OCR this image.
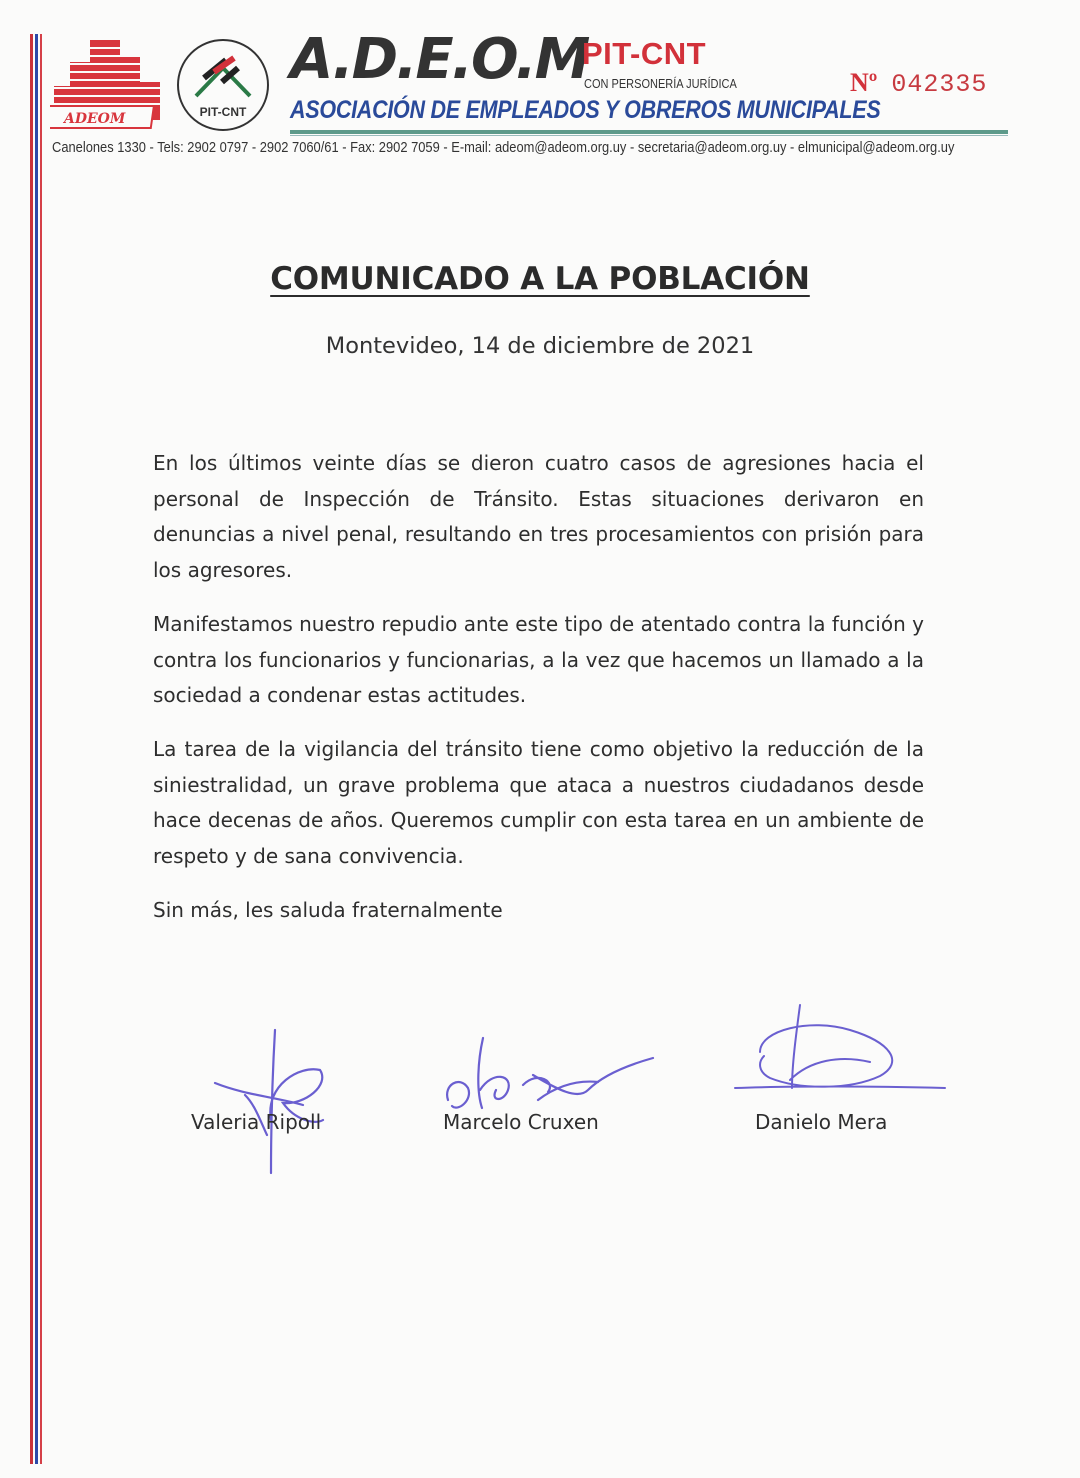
ADEOM	PIT-CNT
A.D.E.O.M
PIT-CNT
CON PERSONERÍA JURÍDICA
ASOCIACIÓN DE EMPLEADOS Y OBREROS MUNICIPALES
Nº 042335
Canelones 1330 - Tels: 2902 0797 - 2902 7060/61 - Fax: 2902 7059 - E-mail: adeom@adeom.org.uy - secretaria@adeom.org.uy - elmunicipal@adeom.org.uy
COMUNICADO A LA POBLACIÓN
Montevideo, 14 de diciembre de 2021

En los últimos veinte días se dieron cuatro casos de agresiones hacia el personal de Inspección de Tránsito. Estas situaciones derivaron en denuncias a nivel penal, resultando en tres procesamientos con prisión para los agresores.

Manifestamos nuestro repudio ante este tipo de atentado contra la función y contra los funcionarios y funcionarias, a la vez que hacemos un llamado a la sociedad a condenar estas actitudes.

La tarea de la vigilancia del tránsito tiene como objetivo la reducción de la siniestralidad, un grave problema que ataca a nuestros ciudadanos desde hace decenas de años. Queremos cumplir con esta tarea en un ambiente de respeto y de sana convivencia.

Sin más, les saluda fraternalmente

Valeria Ripoll	Marcelo Cruxen	Danielo Mera
